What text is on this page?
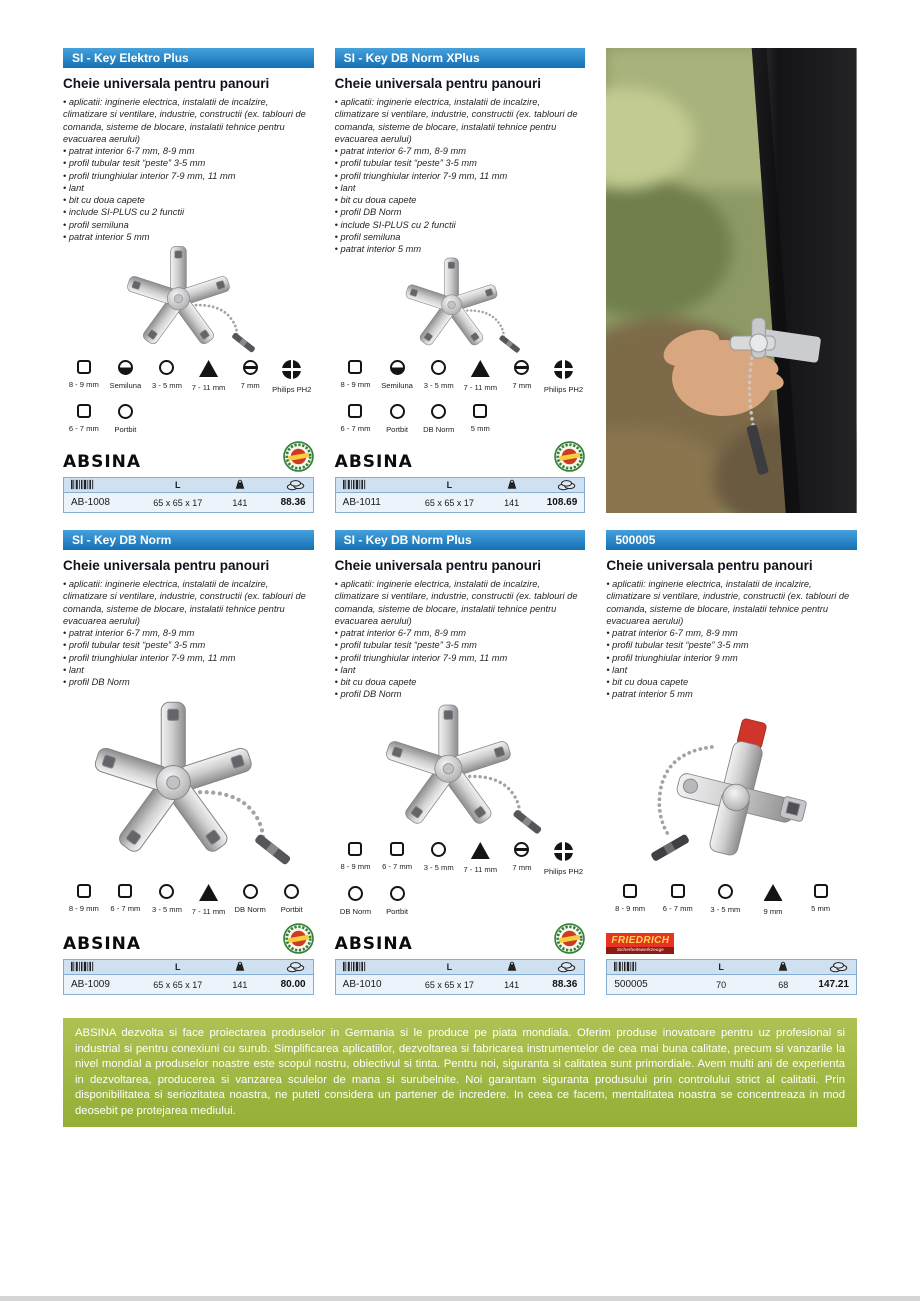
SI - Key Elektro Plus
Cheie universala pentru panouri
• aplicatii: inginerie electrica, instalatii de incalzire, climatizare si ventilare, industrie, constructii (ex. tablouri de comanda, sisteme de blocare, instalatii tehnice pentru evacuarea aerului)
• patrat interior 6-7 mm, 8-9 mm
• profil tubular tesit “peste” 3-5 mm
• profil triunghiular interior 7-9 mm, 11 mm
• lant
• bit cu doua capete
• include SI-PLUS cu 2 functii
• profil semiluna
• patrat interior 5 mm
8 - 9 mm Semiluna 3 - 5 mm 7 - 11 mm 7 mm Philips PH2
6 - 7 mm Portbit
ABSINA
L
AB-1008	65 x 65 x 17	141	88.36
SI - Key DB Norm XPlus
Cheie universala pentru panouri
• aplicatii: inginerie electrica, instalatii de incalzire, climatizare si ventilare, industrie, constructii (ex. tablouri de comanda, sisteme de blocare, instalatii tehnice pentru evacuarea aerului)
• patrat interior 6-7 mm, 8-9 mm
• profil tubular tesit “peste” 3-5 mm
• profil triunghiular interior 7-9 mm, 11 mm
• lant
• bit cu doua capete
• profil DB Norm
• include SI-PLUS cu 2 functii
• profil semiluna
• patrat interior 5 mm
8 - 9 mm Semiluna 3 - 5 mm 7 - 11 mm 7 mm Philips PH2
6 - 7 mm Portbit DB Norm 5 mm
ABSINA
L
AB-1011	65 x 65 x 17	141	108.69
SI - Key DB Norm
Cheie universala pentru panouri
• aplicatii: inginerie electrica, instalatii de incalzire, climatizare si ventilare, industrie, constructii (ex. tablouri de comanda, sisteme de blocare, instalatii tehnice pentru evacuarea aerului)
• patrat interior 6-7 mm, 8-9 mm
• profil tubular tesit “peste” 3-5 mm
• profil triunghiular interior 7-9 mm, 11 mm
• lant
• profil DB Norm
8 - 9 mm 6 - 7 mm 3 - 5 mm 7 - 11 mm DB Norm Portbit
ABSINA
L
AB-1009	65 x 65 x 17	141	80.00
SI - Key DB Norm Plus
Cheie universala pentru panouri
• aplicatii: inginerie electrica, instalatii de incalzire, climatizare si ventilare, industrie, constructii (ex. tablouri de comanda, sisteme de blocare, instalatii tehnice pentru evacuarea aerului)
• patrat interior 6-7 mm, 8-9 mm
• profil tubular tesit “peste” 3-5 mm
• profil triunghiular interior 7-9 mm, 11 mm
• lant
• bit cu doua capete
• profil DB Norm
8 - 9 mm 6 - 7 mm 3 - 5 mm 7 - 11 mm 7 mm Philips PH2
DB Norm Portbit
ABSINA
L
AB-1010	65 x 65 x 17	141	88.36
500005
Cheie universala pentru panouri
• aplicatii: inginerie electrica, instalatii de incalzire, climatizare si ventilare, industrie, constructii (ex. tablouri de comanda, sisteme de blocare, instalatii tehnice pentru evacuarea aerului)
• patrat interior 6-7 mm, 8-9 mm
• profil tubular tesit “peste” 3-5 mm
• profil triunghiular interior 9 mm
• lant
• bit cu doua capete
• patrat interior 5 mm
8 - 9 mm 6 - 7 mm 3 - 5 mm	9 mm	5 mm
FRIEDRICH
Sicherheitswerkzeuge
L
500005	70	68	147.21

ABSINA dezvolta si face proiectarea produselor in Germania si le produce pe piata mondiala. Oferim produse inovatoare pentru uz profesional si industrial si pentru conexiuni cu surub. Simplificarea aplicatiilor, dezvoltarea si fabricarea instrumentelor de cea mai buna calitate, precum si vanzarile la nivel mondial a produselor noastre este scopul nostru, obiectivul si tinta. Pentru noi, siguranta si calitatea sunt primordiale. Avem multi ani de experienta in dezvoltarea, producerea si vanzarea sculelor de mana si surubelnite. Noi garantam siguranta produsului prin controlului strict al calitatii. Prin disponibilitatea si seriozitatea noastra, ne puteti considera un partener de incredere. In ceea ce facem, mentalitatea noastra se concentreaza in mod deosebit pe protejarea mediului.
